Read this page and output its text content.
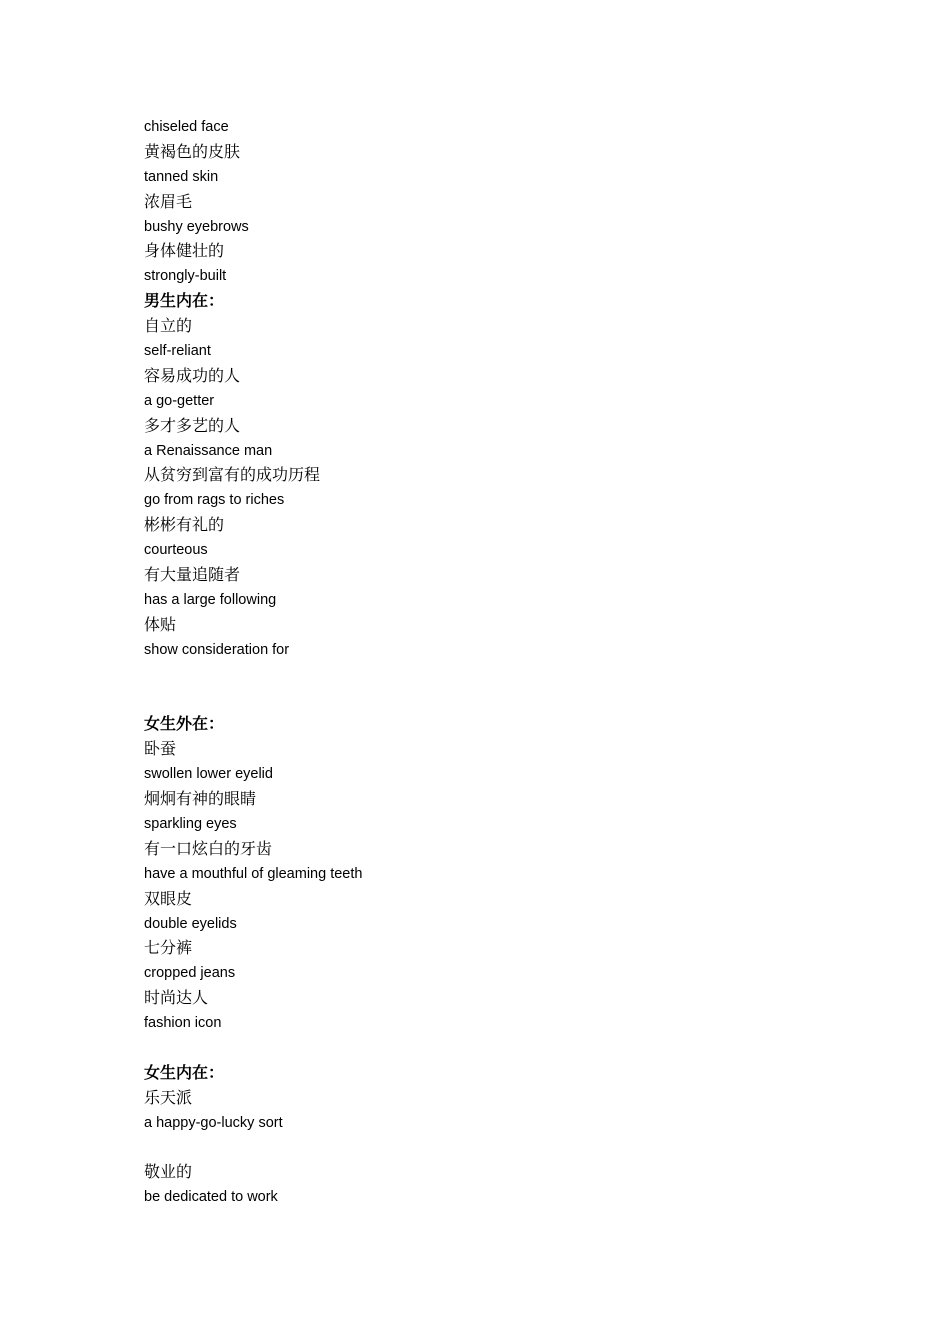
chiseled face
黄褐色的皮肤
tanned skin
浓眉毛
bushy eyebrows
身体健壮的
strongly-built
男生内在：
自立的
self-reliant
容易成功的人
a go-getter
多才多艺的人
a Renaissance man
从贫穷到富有的成功历程
go from rags to riches
彬彬有礼的
courteous
有大量追随者
has a large following
体贴
show consideration for
女生外在：
卧蚕
swollen lower eyelid
炯炯有神的眼睛
sparkling eyes
有一口炫白的牙齿
have a mouthful of gleaming teeth
双眼皮
double eyelids
七分裤
cropped jeans
时尚达人
fashion icon
女生内在：
乐天派
a happy-go-lucky sort
敬业的
be dedicated to work
